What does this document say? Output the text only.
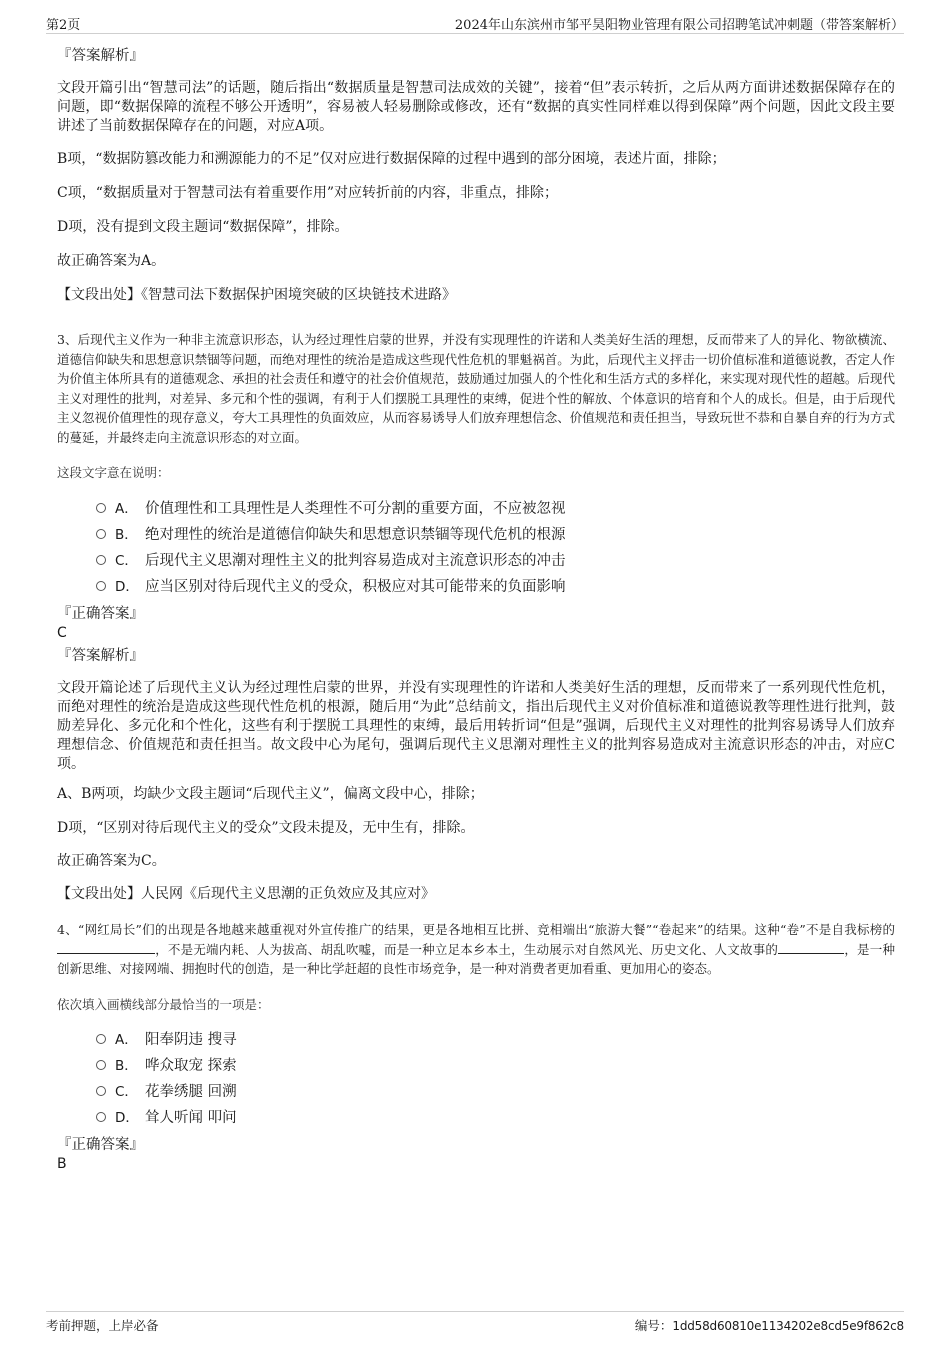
第2页	2024年山东滨州市邹平昊阳物业管理有限公司招聘笔试冲刺题（带答案解析）
『答案解析』

文段开篇引出“智慧司法”的话题，随后指出“数据质量是智慧司法成效的关键”，接着“但”表示转折，之后从两方面讲述数据保障存在的问题，即“数据保障的流程不够公开透明”，容易被人轻易删除或修改，还有“数据的真实性同样难以得到保障”两个问题，因此文段主要讲述了当前数据保障存在的问题，对应A项。

B项，“数据防篡改能力和溯源能力的不足”仅对应进行数据保障的过程中遇到的部分困境，表述片面，排除；

C项，“数据质量对于智慧司法有着重要作用”对应转折前的内容，非重点，排除；

D项，没有提到文段主题词“数据保障”，排除。

故正确答案为A。

【文段出处】《智慧司法下数据保护困境突破的区块链技术进路》

3、后现代主义作为一种非主流意识形态，认为经过理性启蒙的世界，并没有实现理性的许诺和人类美好生活的理想，反而带来了人的异化、物欲横流、道德信仰缺失和思想意识禁锢等问题，而绝对理性的统治是造成这些现代性危机的罪魁祸首。为此，后现代主义抨击一切价值标准和道德说教，否定人作为价值主体所具有的道德观念、承担的社会责任和遵守的社会价值规范，鼓励通过加强人的个性化和生活方式的多样化，来实现对现代性的超越。后现代主义对理性的批判，对差异、多元和个性的强调，有利于人们摆脱工具理性的束缚，促进个性的解放、个体意识的培育和个人的成长。但是，由于后现代主义忽视价值理性的现存意义，夸大工具理性的负面效应，从而容易诱导人们放弃理想信念、价值规范和责任担当，导致玩世不恭和自暴自弃的行为方式的蔓延，并最终走向主流意识形态的对立面。

这段文字意在说明：

A． 价值理性和工具理性是人类理性不可分割的重要方面，不应被忽视
B． 绝对理性的统治是道德信仰缺失和思想意识禁锢等现代危机的根源
C． 后现代主义思潮对理性主义的批判容易造成对主流意识形态的冲击
D． 应当区别对待后现代主义的受众，积极应对其可能带来的负面影响
『正确答案』
C
『答案解析』

文段开篇论述了后现代主义认为经过理性启蒙的世界，并没有实现理性的许诺和人类美好生活的理想，反而带来了一系列现代性危机，而绝对理性的统治是造成这些现代性危机的根源，随后用“为此”总结前文，指出后现代主义对价值标准和道德说教等理性进行批判，鼓励差异化、多元化和个性化，这些有利于摆脱工具理性的束缚，最后用转折词“但是”强调，后现代主义对理性的批判容易诱导人们放弃理想信念、价值规范和责任担当。故文段中心为尾句，强调后现代主义思潮对理性主义的批判容易造成对主流意识形态的冲击，对应C项。

A、B两项，均缺少文段主题词“后现代主义”，偏离文段中心，排除；

D项，“区别对待后现代主义的受众”文段未提及，无中生有，排除。

故正确答案为C。

【文段出处】人民网《后现代主义思潮的正负效应及其应对》

4、“网红局长”们的出现是各地越来越重视对外宣传推广的结果，更是各地相互比拼、竞相端出“旅游大餐”“卷起来”的结果。这种“卷”不是自我标榜的，不是无端内耗、人为拔高、胡乱吹嘘，而是一种立足本乡本土，生动展示对自然风光、历史文化、人文故事的	，是一种创新思维、对接网端、拥抱时代的创造，是一种比学赶超的良性市场竞争，是一种对消费者更加看重、更加用心的姿态。

依次填入画横线部分最恰当的一项是：

A． 阳奉阴违 搜寻
B． 哗众取宠 探索
C． 花拳绣腿 回溯
D． 耸人听闻 叩问
『正确答案』
B
考前押题，上岸必备	编号：1dd58d60810e1134202e8cd5e9f862c8
